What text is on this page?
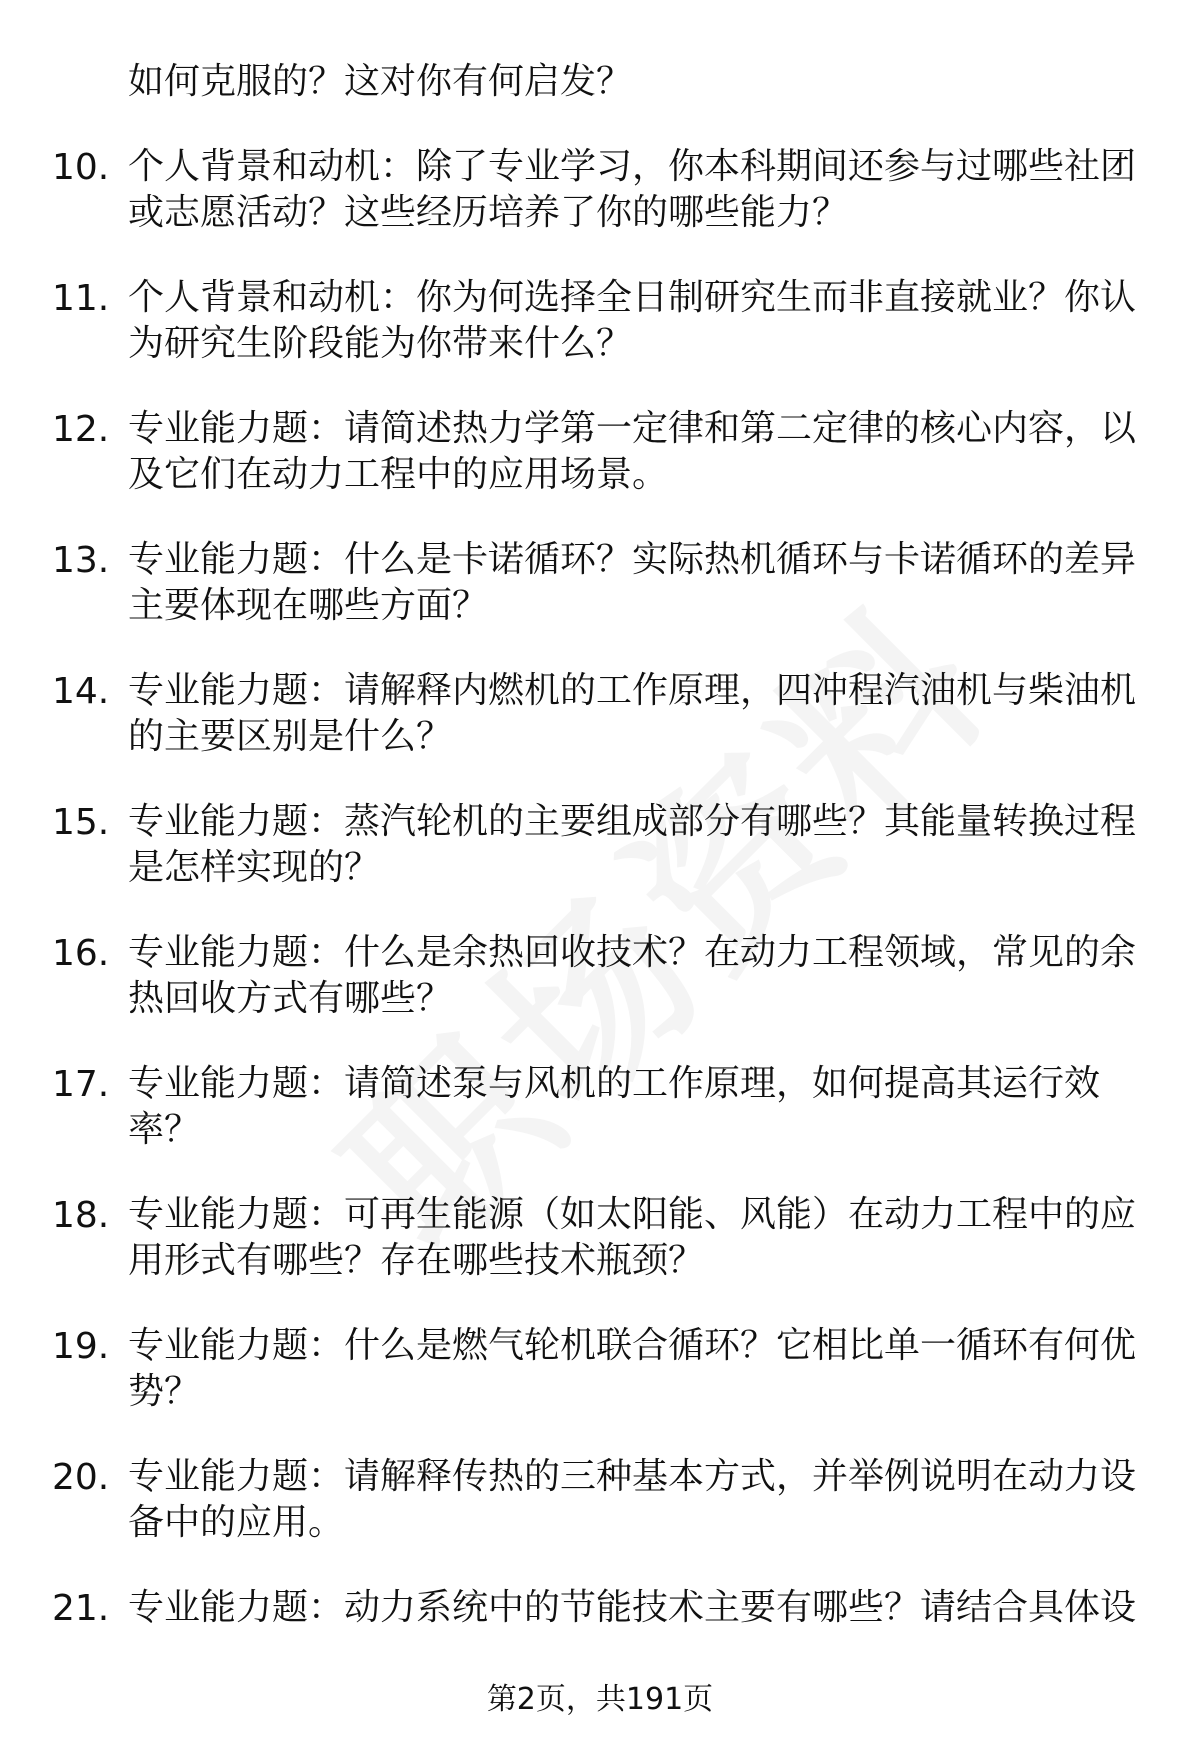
如何克服的？这对你有何启发？
10. 个人背景和动机：除了专业学习，你本科期间还参与过哪些社团或志愿活动？这些经历培养了你的哪些能力？
11. 个人背景和动机：你为何选择全日制研究生而非直接就业？你认为研究生阶段能为你带来什么？
12. 专业能力题：请简述热力学第一定律和第二定律的核心内容，以及它们在动力工程中的应用场景。
13. 专业能力题：什么是卡诺循环？实际热机循环与卡诺循环的差异主要体现在哪些方面？
14. 专业能力题：请解释内燃机的工作原理，四冲程汽油机与柴油机的主要区别是什么？
15. 专业能力题：蒸汽轮机的主要组成部分有哪些？其能量转换过程是怎样实现的？
16. 专业能力题：什么是余热回收技术？在动力工程领域，常见的余热回收方式有哪些？
17. 专业能力题：请简述泵与风机的工作原理，如何提高其运行效率？
18. 专业能力题：可再生能源（如太阳能、风能）在动力工程中的应用形式有哪些？存在哪些技术瓶颈？
19. 专业能力题：什么是燃气轮机联合循环？它相比单一循环有何优势？
20. 专业能力题：请解释传热的三种基本方式，并举例说明在动力设备中的应用。
21. 专业能力题：动力系统中的节能技术主要有哪些？请结合具体设
第2页，共191页
